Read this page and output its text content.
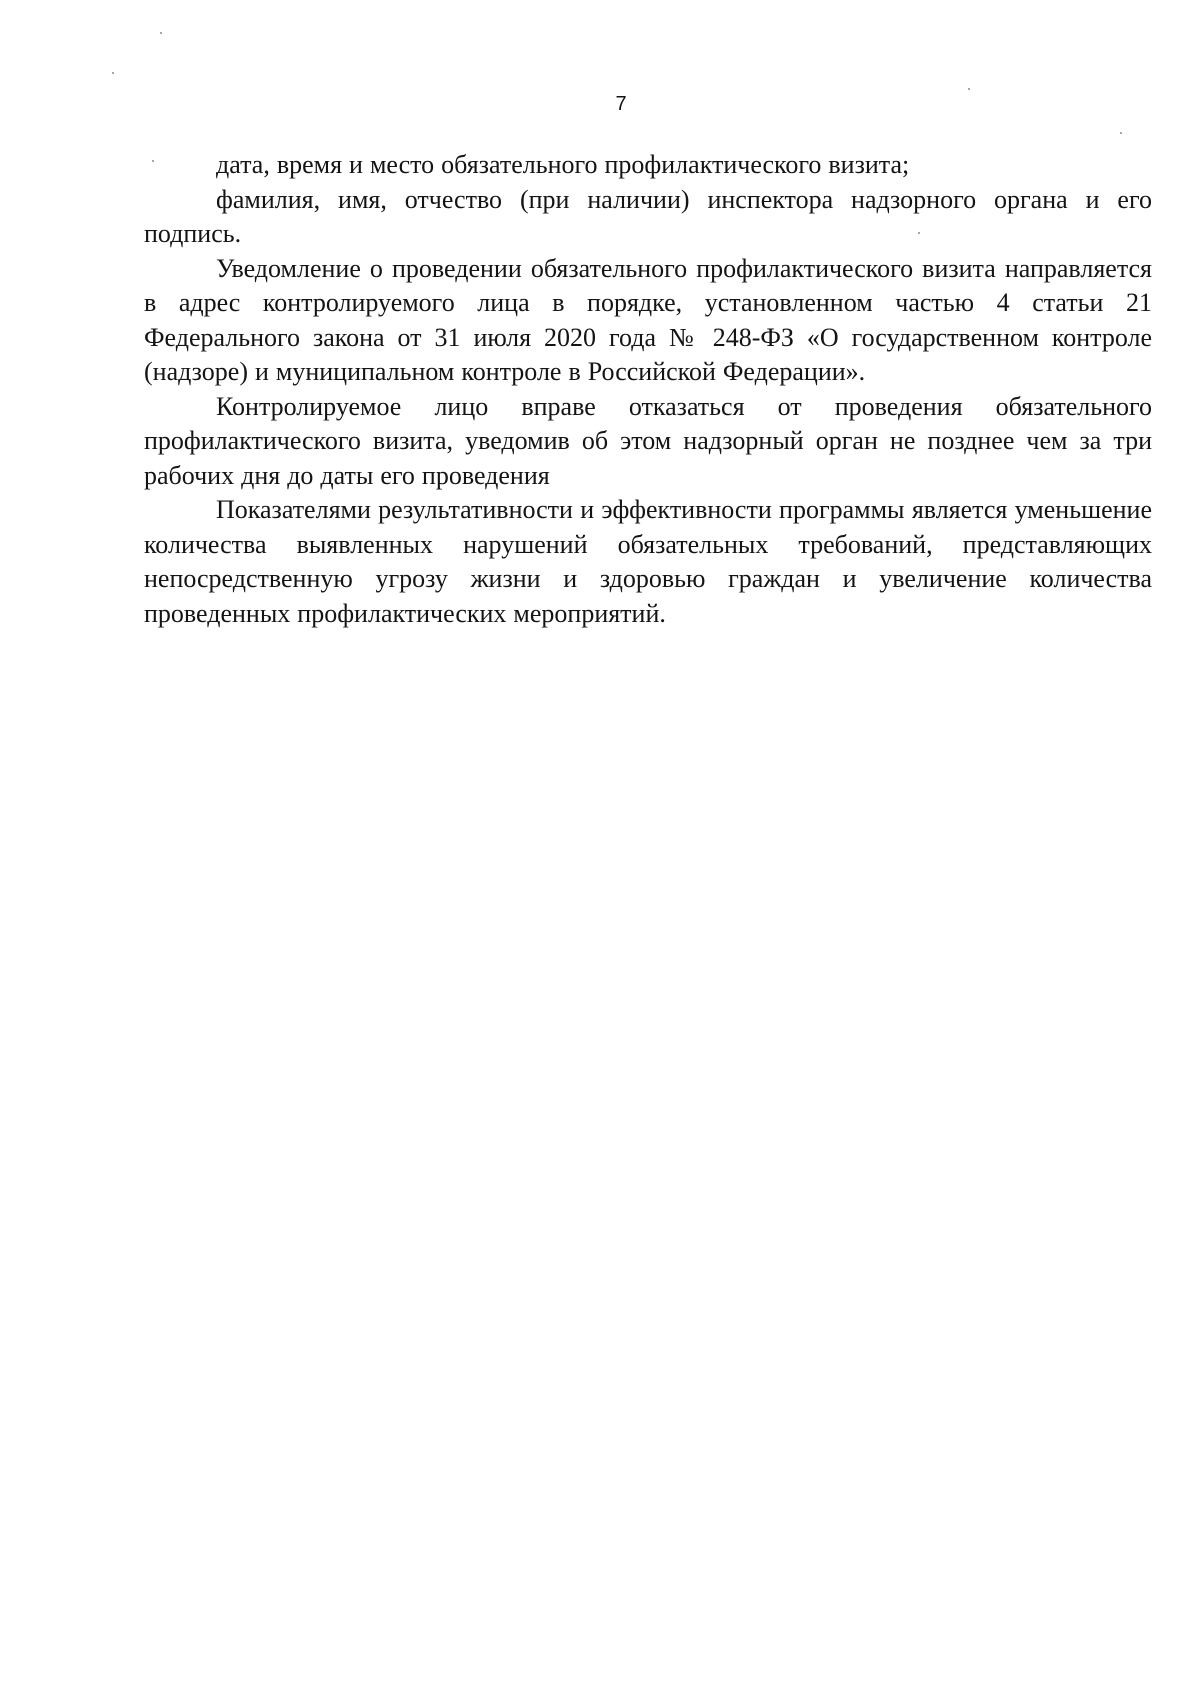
7

дата, время и место обязательного профилактического визита;

фамилия, имя, отчество (при наличии) инспектора надзорного органа и его подпись.

Уведомление о проведении обязательного профилактического визита направляется в адрес контролируемого лица в порядке, установленном частью 4 статьи 21 Федерального закона от 31 июля 2020 года № 248-ФЗ «О государственном контроле (надзоре) и муниципальном контроле в Российской Федерации».

Контролируемое лицо вправе отказаться от проведения обязательного профилактического визита, уведомив об этом надзорный орган не позднее чем за три рабочих дня до даты его проведения

Показателями результативности и эффективности программы является уменьшение количества выявленных нарушений обязательных требований, представляющих непосредственную угрозу жизни и здоровью граждан и увеличение количества проведенных профилактических мероприятий.
